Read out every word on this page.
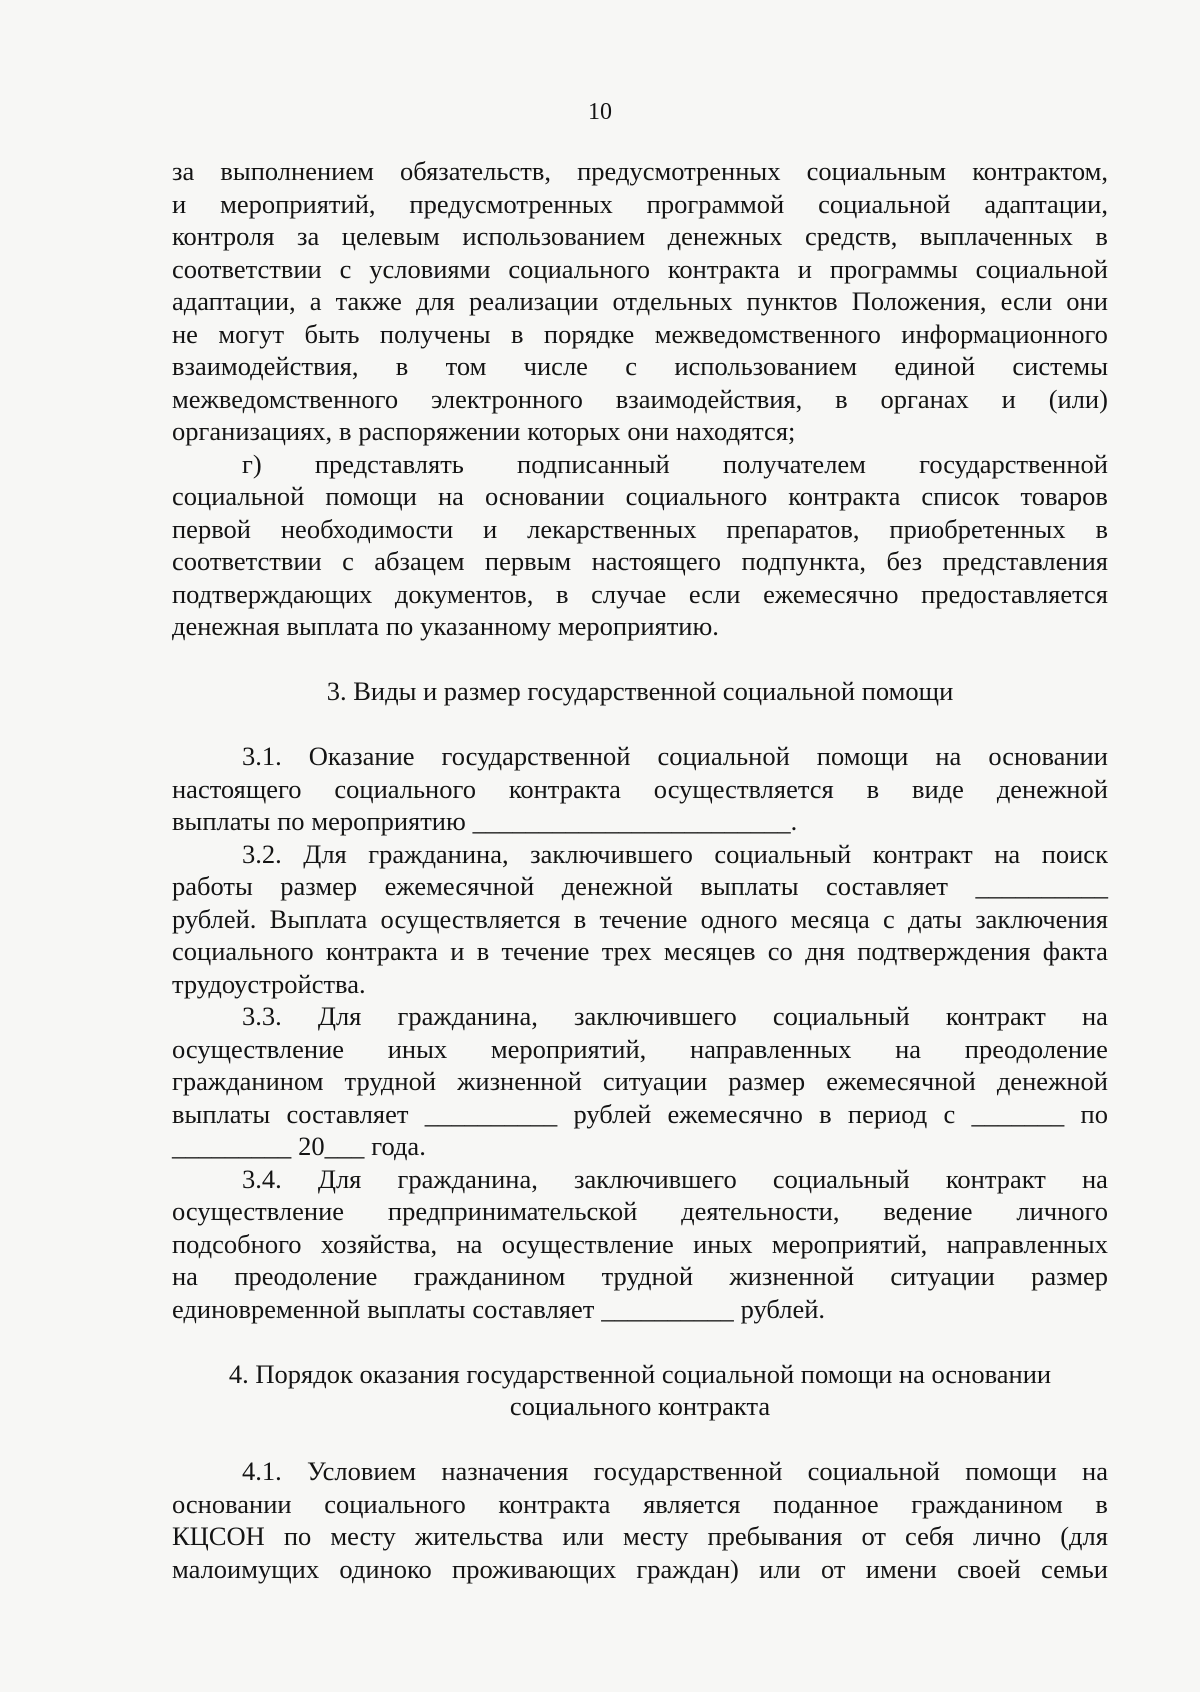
10
за выполнением обязательств, предусмотренных социальным контрактом,
и мероприятий, предусмотренных программой социальной адаптации,
контроля за целевым использованием денежных средств, выплаченных в
соответствии с условиями социального контракта и программы социальной
адаптации, а также для реализации отдельных пунктов Положения, если они
не могут быть получены в порядке межведомственного информационного
взаимодействия, в том числе с использованием единой системы
межведомственного электронного взаимодействия, в органах и (или)
организациях, в распоряжении которых они находятся;
г) представлять подписанный получателем государственной
социальной помощи на основании социального контракта список товаров
первой необходимости и лекарственных препаратов, приобретенных в
соответствии с абзацем первым настоящего подпункта, без представления
подтверждающих документов, в случае если ежемесячно предоставляется
денежная выплата по указанному мероприятию.
3. Виды и размер государственной социальной помощи
3.1. Оказание государственной социальной помощи на основании
настоящего социального контракта осуществляется в виде денежной
выплаты по мероприятию ________________________.
3.2. Для гражданина, заключившего социальный контракт на поиск
работы размер ежемесячной денежной выплаты составляет __________
рублей. Выплата осуществляется в течение одного месяца с даты заключения
социального контракта и в течение трех месяцев со дня подтверждения факта
трудоустройства.
3.3. Для гражданина, заключившего социальный контракт на
осуществление иных мероприятий, направленных на преодоление
гражданином трудной жизненной ситуации размер ежемесячной денежной
выплаты составляет __________ рублей ежемесячно в период с _______ по
_________ 20___ года.
3.4. Для гражданина, заключившего социальный контракт на
осуществление предпринимательской деятельности, ведение личного
подсобного хозяйства, на осуществление иных мероприятий, направленных
на преодоление гражданином трудной жизненной ситуации размер
единовременной выплаты составляет __________ рублей.
4. Порядок оказания государственной социальной помощи на основании
социального контракта
4.1. Условием назначения государственной социальной помощи на
основании социального контракта является поданное гражданином в
КЦСОН по месту жительства или месту пребывания от себя лично (для
малоимущих одиноко проживающих граждан) или от имени своей семьи
